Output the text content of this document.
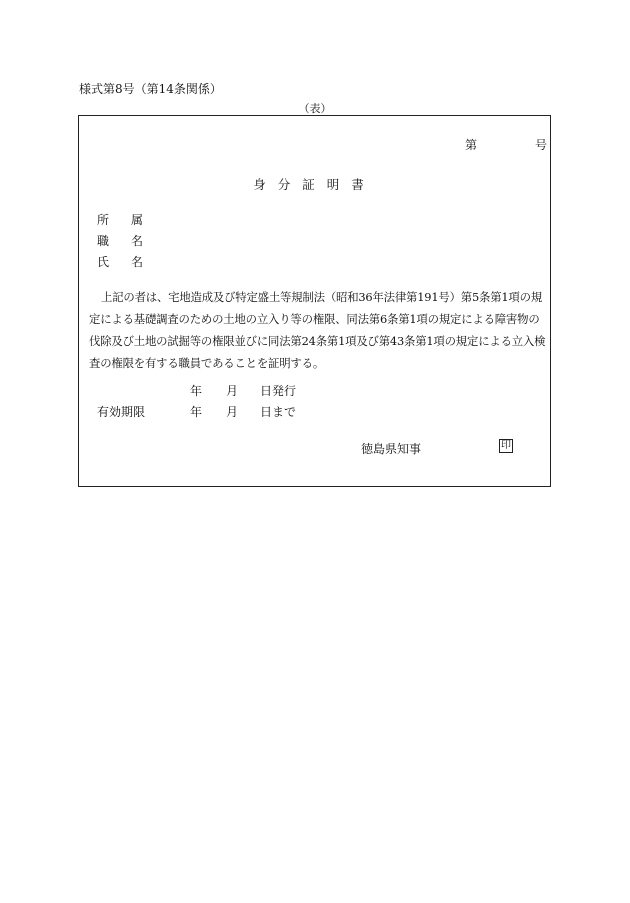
様式第8号（第14条関係）
（表）
第	号
身分証明書
所 属
職 名
氏 名
上記の者は、宅地造成及び特定盛土等規制法（昭和36年法律第191号）第5条第1項の規定による基礎調査のための土地の立入り等の権限、同法第6条第1項の規定による障害物の伐除及び土地の試掘等の権限並びに同法第24条第1項及び第43条第1項の規定による立入検査の権限を有する職員であることを証明する。
年 月 日発行
有効期限	年 月 日まで
徳島県知事	印
